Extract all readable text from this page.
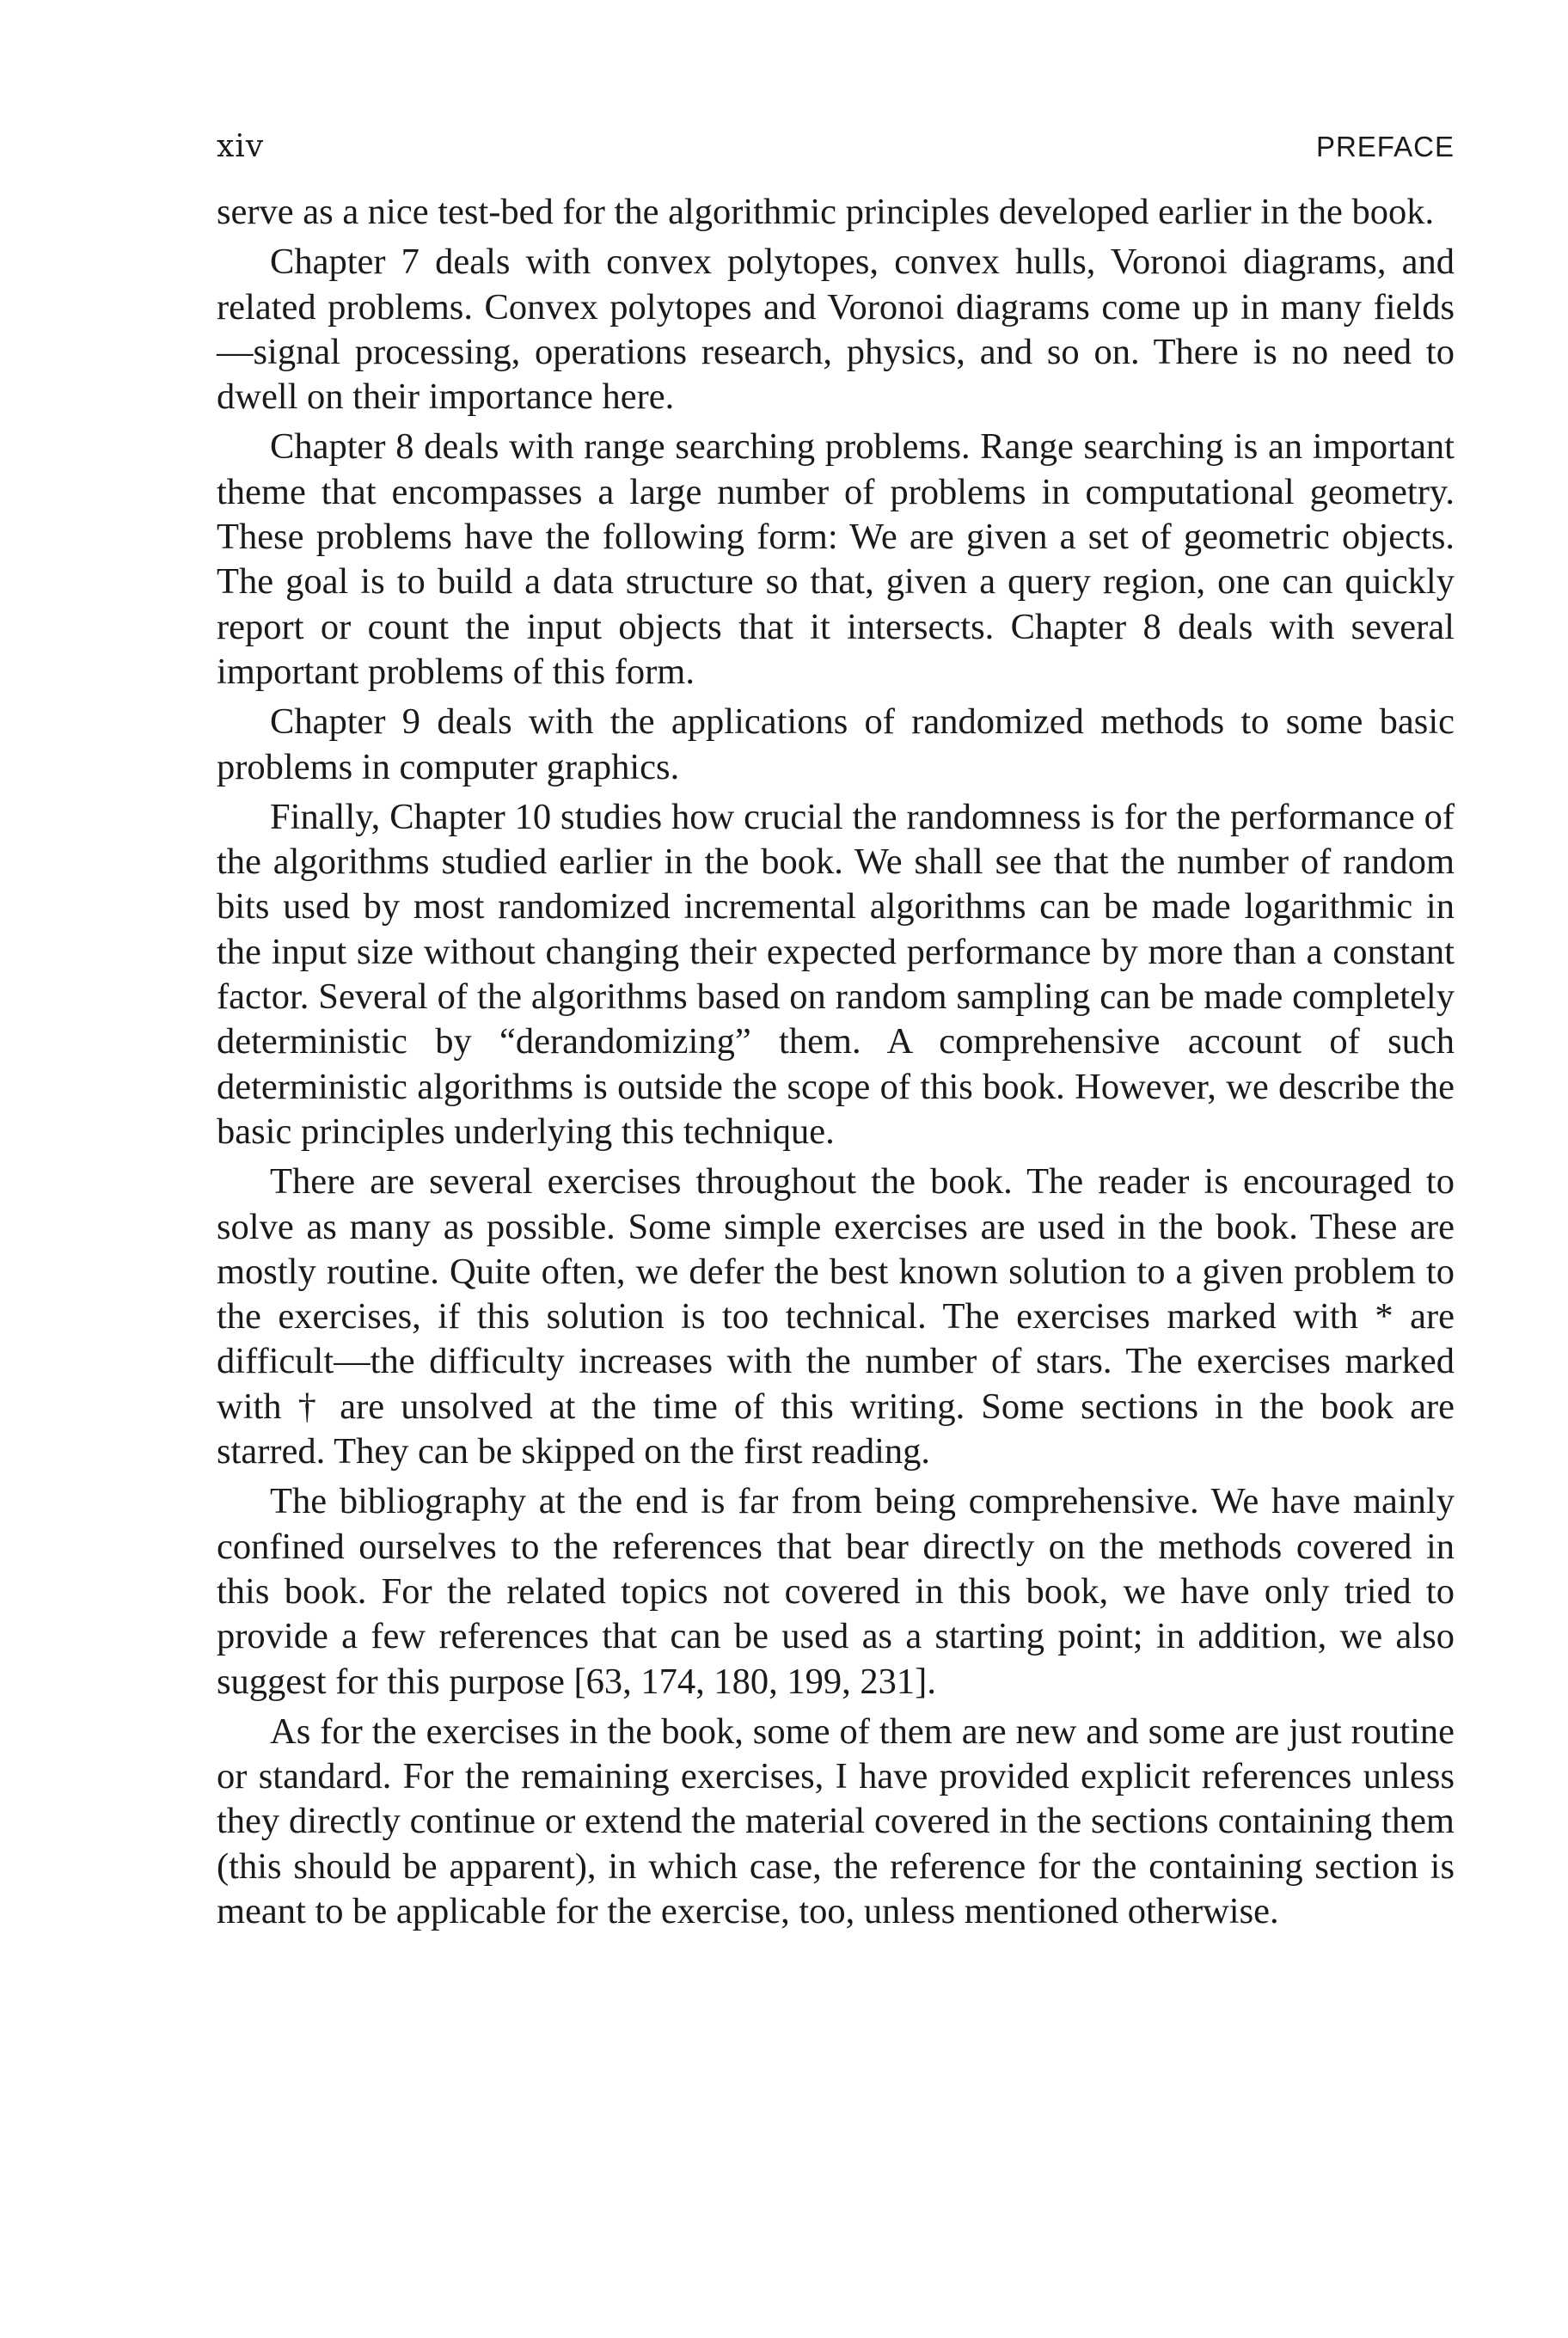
xiv	PREFACE

serve as a nice test-bed for the algorithmic principles developed earlier in the book.

Chapter 7 deals with convex polytopes, convex hulls, Voronoi diagrams, and related problems. Convex polytopes and Voronoi diagrams come up in many fields—signal processing, operations research, physics, and so on. There is no need to dwell on their importance here.

Chapter 8 deals with range searching problems. Range searching is an important theme that encompasses a large number of problems in computational geometry. These problems have the following form: We are given a set of geometric objects. The goal is to build a data structure so that, given a query region, one can quickly report or count the input objects that it intersects. Chapter 8 deals with several important problems of this form.

Chapter 9 deals with the applications of randomized methods to some basic problems in computer graphics.

Finally, Chapter 10 studies how crucial the randomness is for the performance of the algorithms studied earlier in the book. We shall see that the number of random bits used by most randomized incremental algorithms can be made logarithmic in the input size without changing their expected performance by more than a constant factor. Several of the algorithms based on random sampling can be made completely deterministic by “derandomizing” them. A comprehensive account of such deterministic algorithms is outside the scope of this book. However, we describe the basic principles underlying this technique.

There are several exercises throughout the book. The reader is encouraged to solve as many as possible. Some simple exercises are used in the book. These are mostly routine. Quite often, we defer the best known solution to a given problem to the exercises, if this solution is too technical. The exercises marked with * are difficult—the difficulty increases with the number of stars. The exercises marked with † are unsolved at the time of this writing. Some sections in the book are starred. They can be skipped on the first reading.

The bibliography at the end is far from being comprehensive. We have mainly confined ourselves to the references that bear directly on the methods covered in this book. For the related topics not covered in this book, we have only tried to provide a few references that can be used as a starting point; in addition, we also suggest for this purpose [63, 174, 180, 199, 231].

As for the exercises in the book, some of them are new and some are just routine or standard. For the remaining exercises, I have provided explicit references unless they directly continue or extend the material covered in the sections containing them (this should be apparent), in which case, the reference for the containing section is meant to be applicable for the exercise, too, unless mentioned otherwise.
